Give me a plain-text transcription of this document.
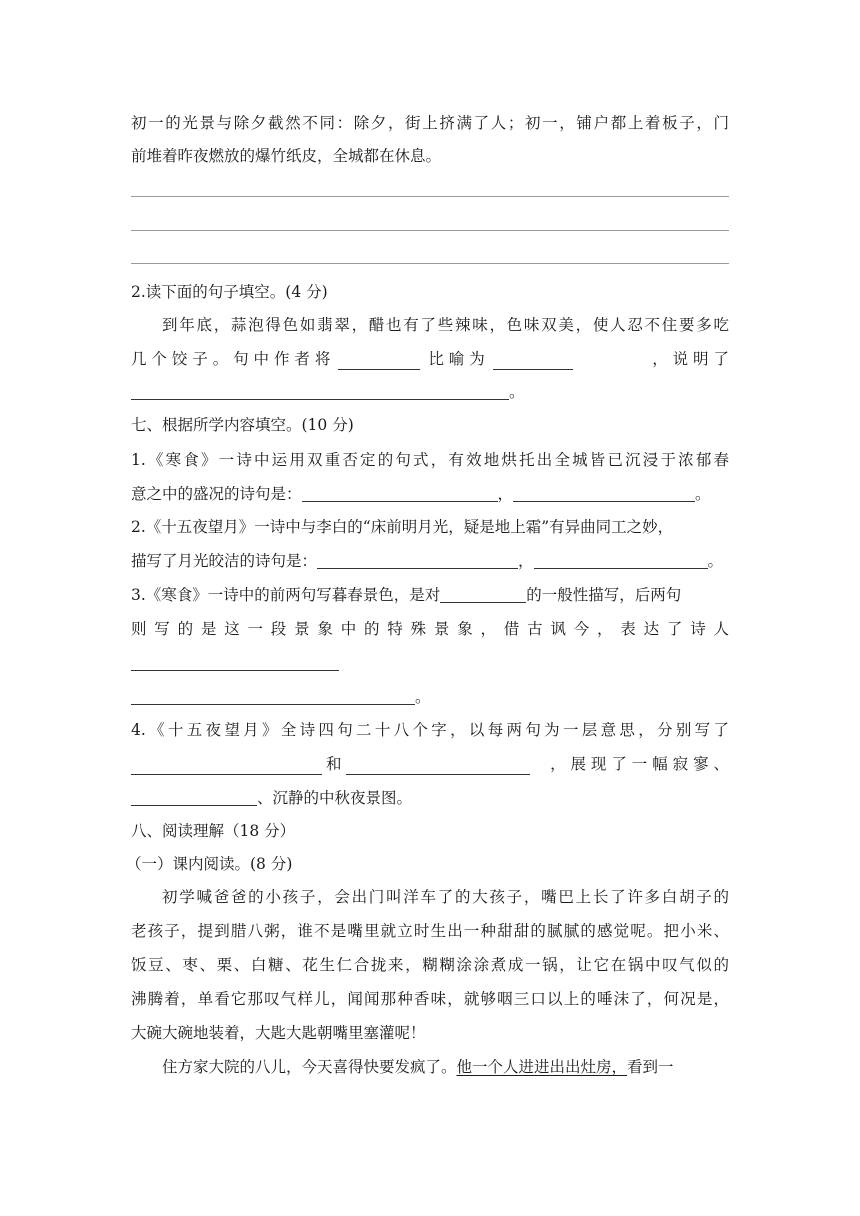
初一的光景与除夕截然不同：除夕，街上挤满了人；初一，铺户都上着板子，门
前堆着昨夜燃放的爆竹纸皮，全城都在休息。
2.读下面的句子填空。(4 分)
到年底，蒜泡得色如翡翠，醋也有了些辣味，色味双美，使人忍不住要多吃
几 个 饺 子 。 句 中 作 者 将	比 喻 为	， 说 明 了
。
七、根据所学内容填空。(10 分)
1.《寒食》一诗中运用双重否定的句式，有效地烘托出全城皆已沉浸于浓郁春
意之中的盛况的诗句是：	，	。
2.《十五夜望月》一诗中与李白的“床前明月光，疑是地上霜”有异曲同工之妙，
描写了月光皎洁的诗句是：	，	。
3.《寒食》一诗中的前两句写暮春景色，是对	的一般性描写，后两句
则 写 的 是 这 一 段 景 象 中 的 特 殊 景 象 ， 借 古 讽 今 ， 表 达 了 诗 人
。
4.《十五夜望月》全诗四句二十八个字，以每两句为一层意思，分别写了
和	， 展 现 了 一 幅 寂 寥 、
、沉静的中秋夜景图。
八、阅读理解（18 分）
（一）课内阅读。(8 分)
初学喊爸爸的小孩子，会出门叫洋车了的大孩子，嘴巴上长了许多白胡子的
老孩子，提到腊八粥，谁不是嘴里就立时生出一种甜甜的腻腻的感觉呢。把小米、
饭豆、枣、栗、白糖、花生仁合拢来，糊糊涂涂煮成一锅，让它在锅中叹气似的
沸腾着，单看它那叹气样儿，闻闻那种香味，就够咽三口以上的唾沫了，何况是，
大碗大碗地装着，大匙大匙朝嘴里塞灌呢！
住方家大院的八儿，今天喜得快要发疯了。他一个人进进出出灶房，看到一
